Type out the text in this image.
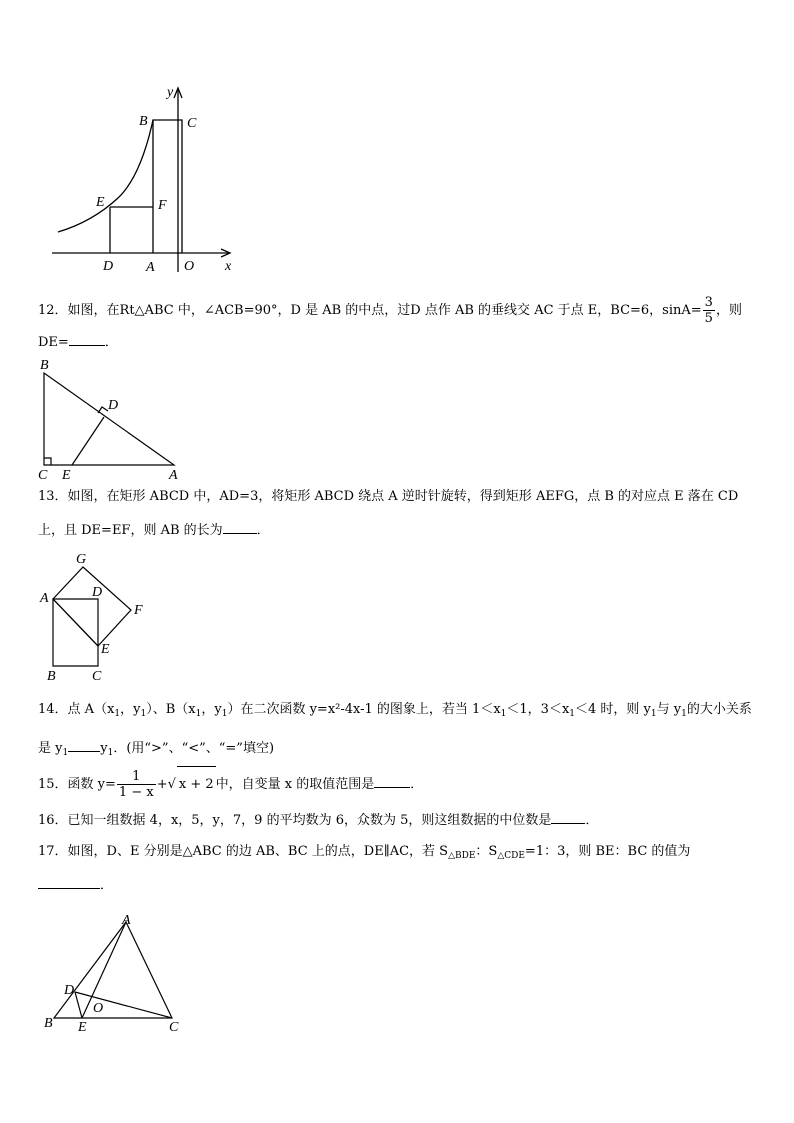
y
B	C
E	F
D A O x
12．如图，在Rt△ABC 中，∠ACB=90°，D 是 AB 的中点，过D 点作 AB 的垂线交 AC 于点 E，BC=6，$\sin A= \frac{3}{5}$ ，则
DE=	．
B
D
C E	A
13．如图，在矩形 ABCD 中，AD=3，将矩形 ABCD 绕点 A 逆时针旋转，得到矩形 AEFG，点 B 的对应点 E 落在 CD
上，且 DE=EF，则 AB 的长为	．
G
A	D
F
E
B	C
14．点 $A(x_1$，$y_1$）、$B(x_1$，$y_1$）在二次函数 y=x²-4x-1 的图象上，若当 $1<x_1<1$，$3<x_1<4$ 时，则 $y_1$与 $y_1$的大小关系
是 $y_1$ $y_1$．(用“>”、“<”、“=”填空)
15．函数 $y= \frac{1}{1 - x}$ +√ x + 2 中，自变量 x 的取值范围是	．
16．已知一组数据 4，x，5，y，7，9 的平均数为 6，众数为 5，则这组数据的中位数是	．
17．如图，D、E 分别是△ABC 的边 AB、BC 上的点，DE∥AC，若 $S_{\triangle BDE}$：$S_{\triangle CDE}=1$：3，则 BE：BC 的值为
．
A
D
O
B E	C
